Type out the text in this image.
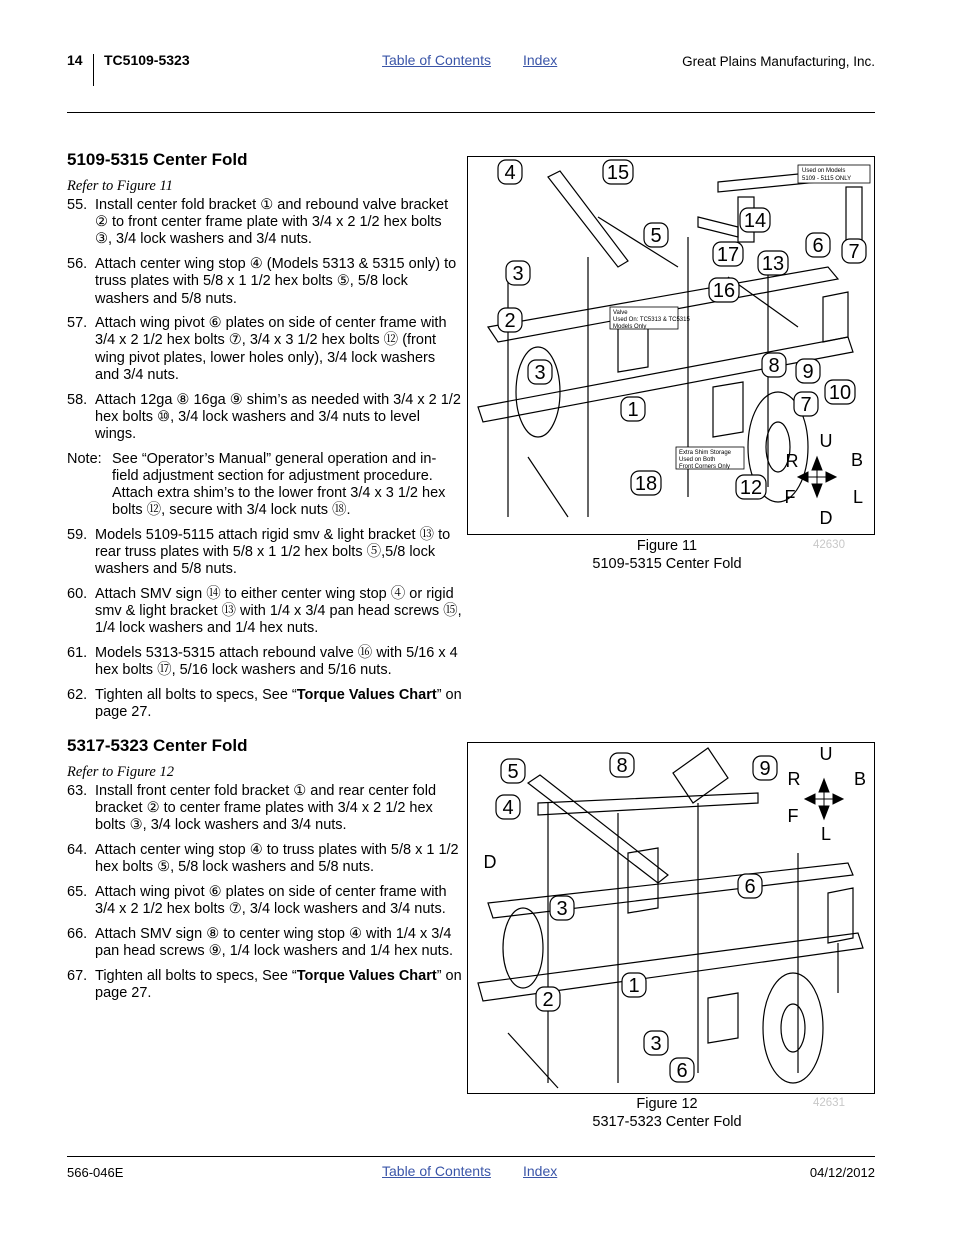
14 TC5109-5323	Table of Contents Index	Great Plains Manufacturing, Inc.
5109-5315 Center Fold
Refer to Figure 11
55. Install center fold bracket ① and rebound valve bracket ② to front center frame plate with 3/4 x 2 1/2 hex bolts ③, 3/4 lock washers and 3/4 nuts.
56. Attach center wing stop ④ (Models 5313 & 5315 only) to truss plates with 5/8 x 1 1/2 hex bolts ⑤, 5/8 lock washers and 5/8 nuts.
57. Attach wing pivot ⑥ plates on side of center frame with 3/4 x 2 1/2 hex bolts ⑦, 3/4 x 3 1/2 hex bolts ⑫ (front wing pivot plates, lower holes only), 3/4 lock washers and 3/4 nuts.
58. Attach 12ga ⑧ 16ga ⑨ shim’s as needed with 3/4 x 2 1/2 hex bolts ⑩, 3/4 lock washers and 3/4 nuts to level wings.
Note: See “Operator’s Manual” general operation and in-field adjustment section for adjustment procedure. Attach extra shim’s to the lower front 3/4 x 3 1/2 hex bolts ⑫, secure with 3/4 lock nuts ⑱.
59. Models 5109-5115 attach rigid smv & light bracket ⑬ to rear truss plates with 5/8 x 1 1/2 hex bolts ⑤,5/8 lock washers and 5/8 nuts.
60. Attach SMV sign ⑭ to either center wing stop ④ or rigid smv & light bracket ⑬ with 1/4 x 3/4 pan head screws ⑮, 1/4 lock washers and 1/4 hex nuts.
61. Models 5313-5315 attach rebound valve ⑯ with 5/16 x 4 hex bolts ⑰, 5/16 lock washers and 5/16 nuts.
62. Tighten all bolts to specs, See “Torque Values Chart” on page 27.
5317-5323 Center Fold
Refer to Figure 12
63. Install front center fold bracket ① and rear center fold bracket ② to center frame plates with 3/4 x 2 1/2 hex bolts ③, 3/4 lock washers and 3/4 nuts.
64. Attach center wing stop ④ to truss plates with 5/8 x 1 1/2 hex bolts ⑤, 5/8 lock washers and 5/8 nuts.
65. Attach wing pivot ⑥ plates on side of center frame with 3/4 x 2 1/2 hex bolts ⑦, 3/4 lock washers and 3/4 nuts.
66. Attach SMV sign ⑧ to center wing stop ④ with 1/4 x 3/4 pan head screws ⑨, 1/4 lock washers and 1/4 hex nuts.
67. Tighten all bolts to specs, See “Torque Values Chart” on page 27.
Used on Models
5109 - 5115 ONLY
Valve
Used On: TC5313 & TC5315
Models Only
Extra Shim Storage
Used on Both
Front Corners Only
4	15
14
5
17 13
6 7
3
16
2
8 9
3
10
7
1
U
B
R
F	L
18	12
D
Figure 11
5109-5315 Center Fold
42630
5	8	9
U
R	B
4	F
L
D
6
3
2
1
3
6
Figure 12
5317-5323 Center Fold
42631
566-046E	Table of Contents Index	04/12/2012
